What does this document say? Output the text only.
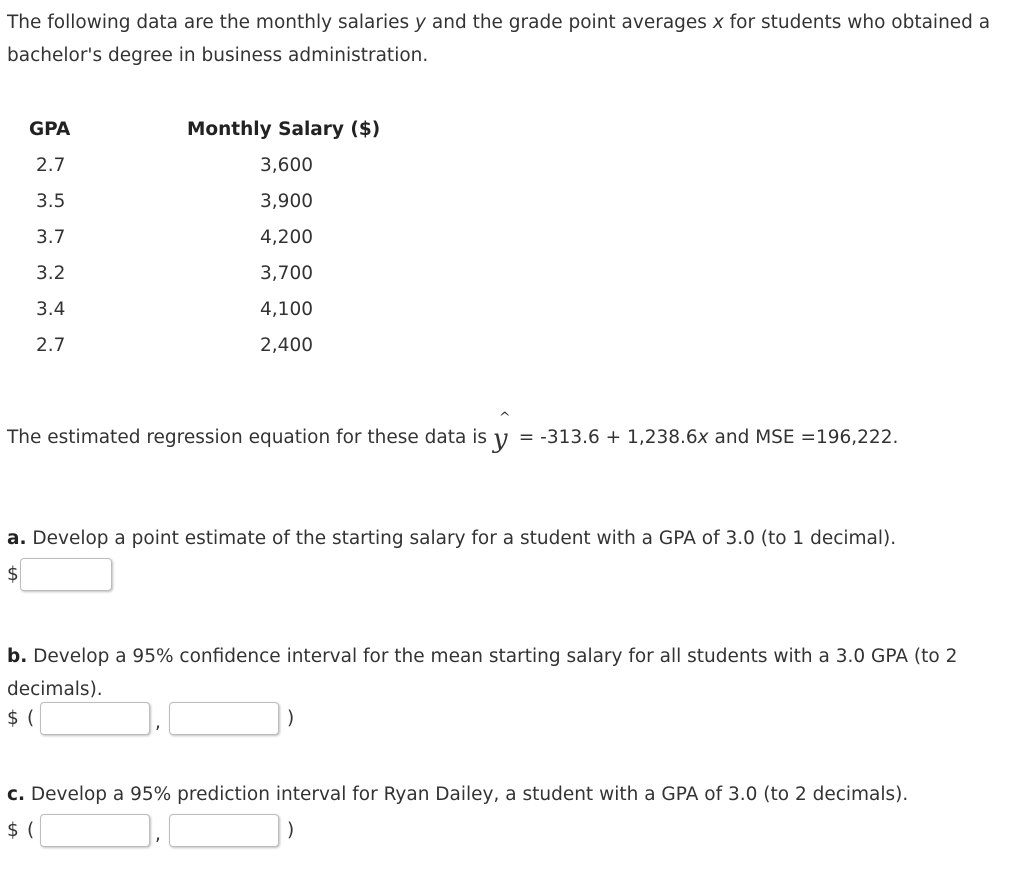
The following data are the monthly salaries y and the grade point averages x for students who obtained a bachelor's degree in business administration.
GPA	Monthly Salary ($)
2.7	3,600
3.5	3,900
3.7	4,200
3.2	3,700
3.4	4,100
2.7	2,400
The estimated regression equation for these data is
^
y = -313.6 + 1,238.6x and MSE =196,222.
a. Develop a point estimate of the starting salary for a student with a GPA of 3.0 (to 1 decimal).
$
b. Develop a 95% confidence interval for the mean starting salary for all students with a 3.0 GPA (to 2 decimals).
$ (	,	)
c. Develop a 95% prediction interval for Ryan Dailey, a student with a GPA of 3.0 (to 2 decimals).
$ (	,	)
